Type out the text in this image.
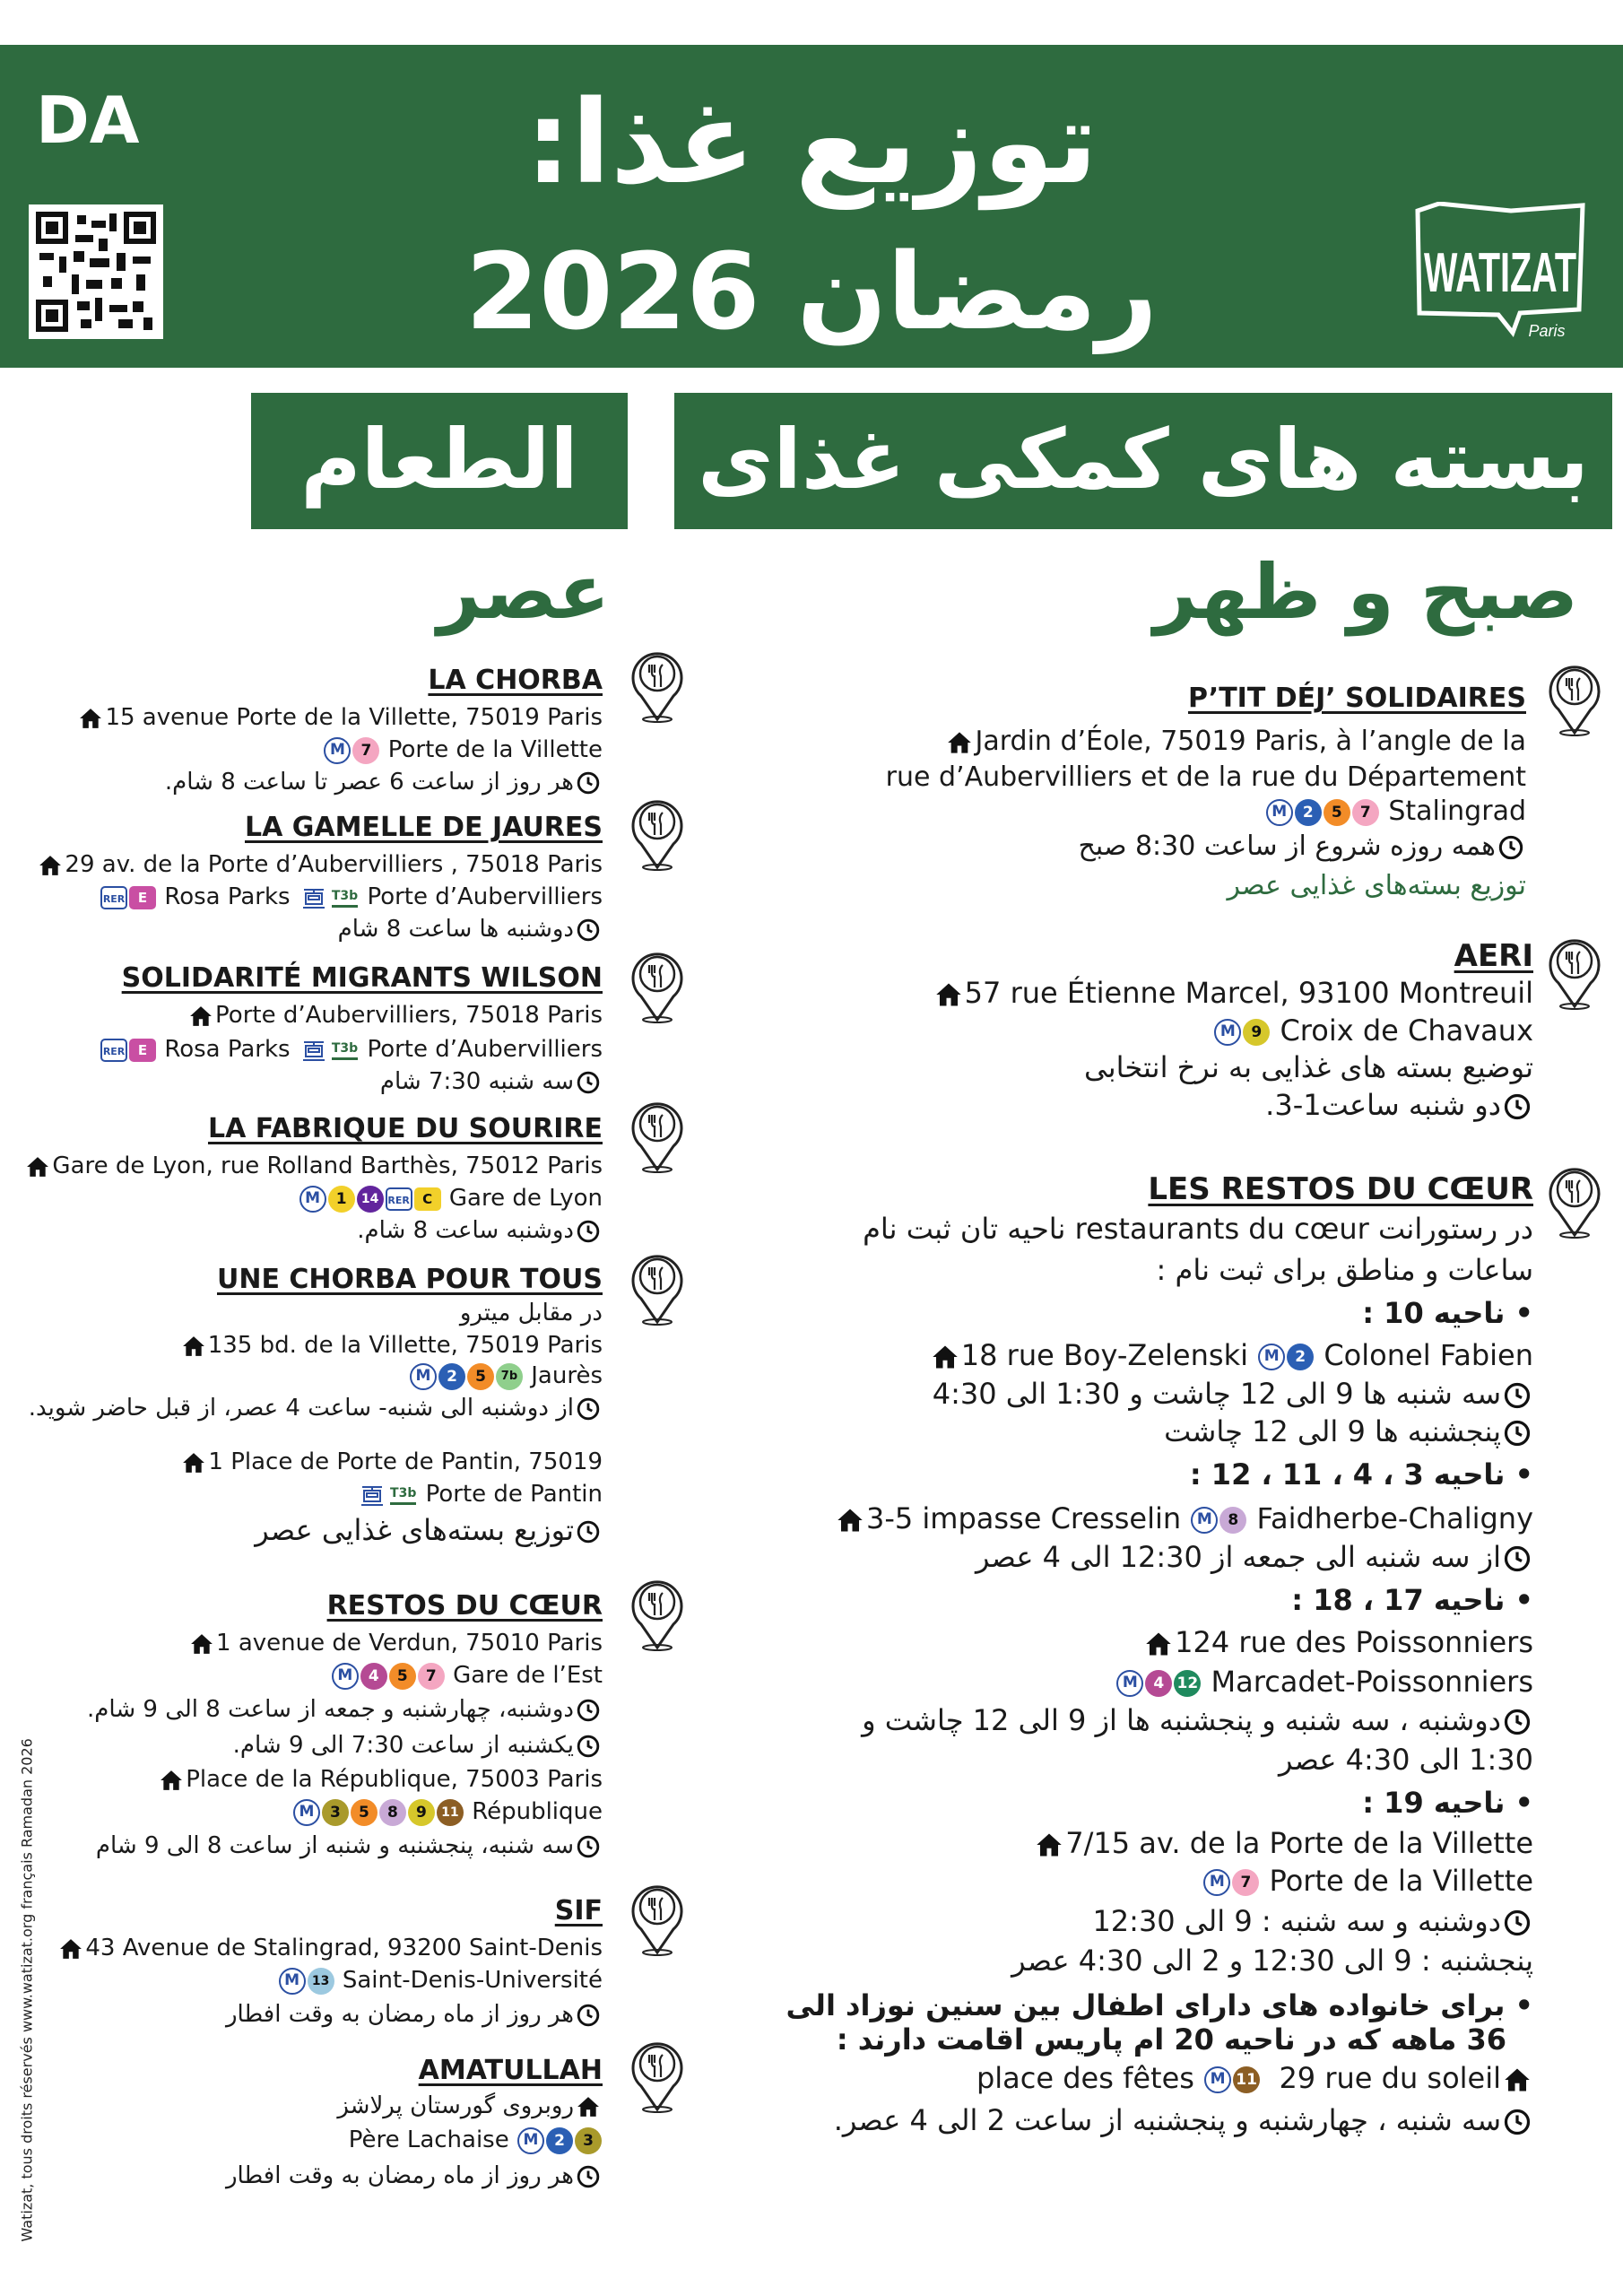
DA	توزیع غذا:
رمضان 2026	WATIZAT
Paris
بسته های کمکی غذای
الطعام
صبح و ظهر
عصر
P’TIT DÉJ’ SOLIDAIRES
Jardin d’Éole, 75019 Paris, à l’angle de la
rue d’Aubervilliers et de la rue du Département
M 2 5 7 Stalingrad
همه روزه شروع از ساعت 8:30 صبح
توزیع بسته‌های غذایی عصر
AERI
57 rue Étienne Marcel, 93100 Montreuil
M 9 Croix de Chavaux
توضیع بسته های غذایی به نرخ انتخابی
دو شنبه ساعت1-3.
LES RESTOS DU CŒUR
در رستورانت restaurants du cœur ناحیه تان ثبت نام
ساعات و مناطق برای ثبت نام :
• ناحیه 10 :
18 rue Boy-Zelenski M 2 Colonel Fabien
سه شنبه ها 9 الی 12 چاشت و 1:30 الی 4:30
پنجشنبه ها 9 الی 12 چاشت
• ناحیه 3 ، 4 ، 11 ، 12 :
3-5 impasse Cresselin M 8 Faidherbe-Chaligny
از سه شنبه الی جمعه از 12:30 الی 4 عصر
• ناحیه 17 ، 18 :
124 rue des Poissonniers
M 4 12 Marcadet-Poissonniers
دوشنبه ، سه شنبه و پنجشنبه ها از 9 الی 12 چاشت و
1:30 الی 4:30 عصر
• ناحیه 19 :
7/15 av. de la Porte de la Villette
M 7 Porte de la Villette
دوشنبه و سه شنبه : 9 الی 12:30
پنجشنبه : 9 الی 12:30 و 2 الی 4:30 عصر
• برای خانواده های دارای اطفال بین سنین نوزاد الی
36 ماهه که در ناحیه 20 ام پاریس اقامت دارند :
place des fêtes M 11 29 rue du soleil
سه شنبه ، چهارشنبه و پنجشنبه از ساعت 2 الی 4 عصر.
LA CHORBA
15 avenue Porte de la Villette, 75019 Paris
M 7 Porte de la Villette
هر روز از ساعت 6 عصر تا ساعت 8 شام.
LA GAMELLE DE JAURES
29 av. de la Porte d’Aubervilliers , 75018 Paris
RER E Rosa Parks	T3b Porte d’Aubervilliers
دوشنبه ها ساعت 8 شام
SOLIDARITÉ MIGRANTS WILSON
Porte d’Aubervilliers, 75018 Paris
RER E Rosa Parks	T3b Porte d’Aubervilliers
سه شنبه 7:30 شام
LA FABRIQUE DU SOURIRE
Gare de Lyon, rue Rolland Barthès, 75012 Paris
M 1 14 RER C Gare de Lyon
دوشنبه ساعت 8 شام.
UNE CHORBA POUR TOUS
در مقابل میترو
135 bd. de la Villette, 75019 Paris
M 2 5 7b Jaurès
از دوشنبه الی شنبه- ساعت 4 عصر، از قبل حاضر شوید.
1 Place de Porte de Pantin, 75019
T3b Porte de Pantin
توزیع بسته‌های غذایی عصر
RESTOS DU CŒUR
1 avenue de Verdun, 75010 Paris
M 4 5 7 Gare de l’Est
دوشنبه، چهارشنبه و جمعه از ساعت 8 الی 9 شام.
یکشنبه از ساعت 7:30 الی 9 شام.
Place de la République, 75003 Paris
M 3 5 8 9 11 République
سه شنبه، پنجشنبه و شنبه از ساعت 8 الی 9 شام
SIF
43 Avenue de Stalingrad, 93200 Saint-Denis
M 13 Saint-Denis-Université
هر روز از ماه رمضان به وقت افطار
AMATULLAH
روبروی گورستان پرلاشز
Père Lachaise M 2 3
هر روز از ماه رمضان به وقت افطار
Watizat, tous droits réservés www.watizat.org français Ramadan 2026
